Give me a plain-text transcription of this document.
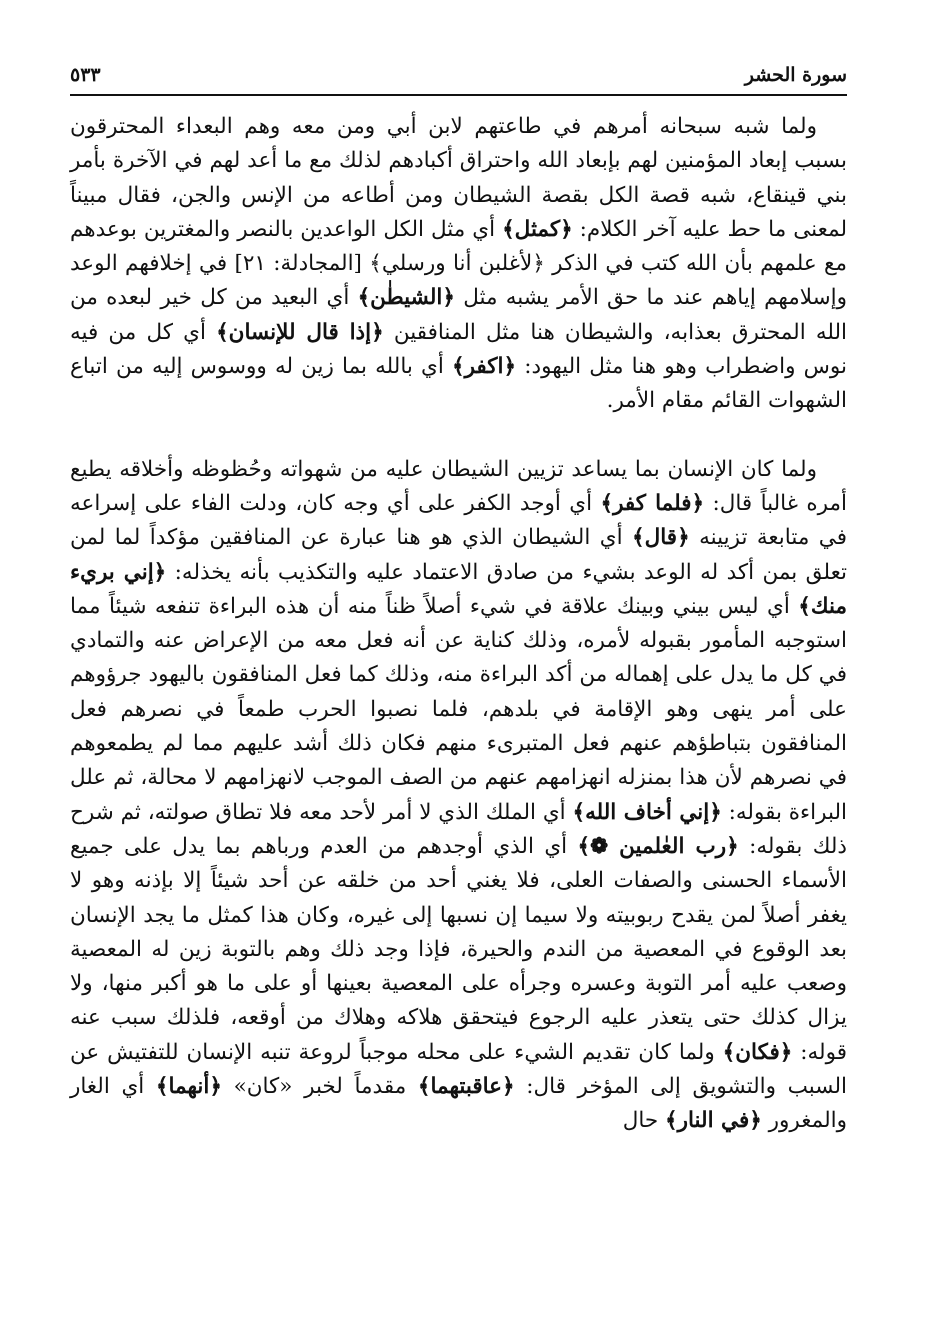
سورة الحشر
٥٣٣

ولما شبه سبحانه أمرهم في طاعتهم لابن أبي ومن معه وهم البعداء المحترقون بسبب إبعاد المؤمنين لهم بإبعاد الله واحتراق أكبادهم لذلك مع ما أعد لهم في الآخرة بأمر بني قينقاع، شبه قصة الكل بقصة الشيطان ومن أطاعه من الإنس والجن، فقال مبيناً لمعنى ما حط عليه آخر الكلام: ﴿كمثل﴾ أي مثل الكل الواعدين بالنصر والمغترين بوعدهم مع علمهم بأن الله كتب في الذكر ﴿لأغلبن أنا ورسلي﴾ [المجادلة: ٢١] في إخلافهم الوعد وإسلامهم إياهم عند ما حق الأمر يشبه مثل ﴿الشيطٰن﴾ أي البعيد من كل خير لبعده من الله المحترق بعذابه، والشيطان هنا مثل المنافقين ﴿إذا قال للإنسان﴾ أي كل من فيه نوس واضطراب وهو هنا مثل اليهود: ﴿اكفر﴾ أي بالله بما زين له ووسوس إليه من اتباع الشهوات القائم مقام الأمر.

ولما كان الإنسان بما يساعد تزيين الشيطان عليه من شهواته وحُظوظه وأخلاقه يطيع أمره غالباً قال: ﴿فلما كفر﴾ أي أوجد الكفر على أي وجه كان، ودلت الفاء على إسراعه في متابعة تزيينه ﴿قال﴾ أي الشيطان الذي هو هنا عبارة عن المنافقين مؤكداً لما لمن تعلق بمن أكد له الوعد بشيء من صادق الاعتماد عليه والتكذيب بأنه يخذله: ﴿إني بريء منك﴾ أي ليس بيني وبينك علاقة في شيء أصلاً ظناً منه أن هذه البراءة تنفعه شيئاً مما استوجبه المأمور بقبوله لأمره، وذلك كناية عن أنه فعل معه من الإعراض عنه والتمادي في كل ما يدل على إهماله من أكد البراءة منه، وذلك كما فعل المنافقون باليهود جرؤوهم على أمر ينهى وهو الإقامة في بلدهم، فلما نصبوا الحرب طمعاً في نصرهم فعل المنافقون بتباطؤهم عنهم فعل المتبرىء منهم فكان ذلك أشد عليهم مما لم يطمعوهم في نصرهم لأن هذا بمنزله انهزامهم عنهم من الصف الموجب لانهزامهم لا محالة، ثم علل البراءة بقوله: ﴿إني أخاف الله﴾ أي الملك الذي لا أمر لأحد معه فلا تطاق صولته، ثم شرح ذلك بقوله: ﴿رب العٰلمين ❁﴾ أي الذي أوجدهم من العدم ورباهم بما يدل على جميع الأسماء الحسنى والصفات العلى، فلا يغني أحد من خلقه عن أحد شيئاً إلا بإذنه وهو لا يغفر أصلاً لمن يقدح ربوبيته ولا سيما إن نسبها إلى غيره، وكان هذا كمثل ما يجد الإنسان بعد الوقوع في المعصية من الندم والحيرة، فإذا وجد ذلك وهم بالتوبة زين له المعصية وصعب عليه أمر التوبة وعسره وجرأه على المعصية بعينها أو على ما هو أكبر منها، ولا يزال كذلك حتى يتعذر عليه الرجوع فيتحقق هلاكه وهلاك من أوقعه، فلذلك سبب عنه قوله: ﴿فكان﴾ ولما كان تقديم الشيء على محله موجباً لروعة تنبه الإنسان للتفتيش عن السبب والتشويق إلى المؤخر قال: ﴿عاقبتهما﴾ مقدماً لخبر «كان» ﴿أنهما﴾ أي الغار والمغرور ﴿في النار﴾ حال
